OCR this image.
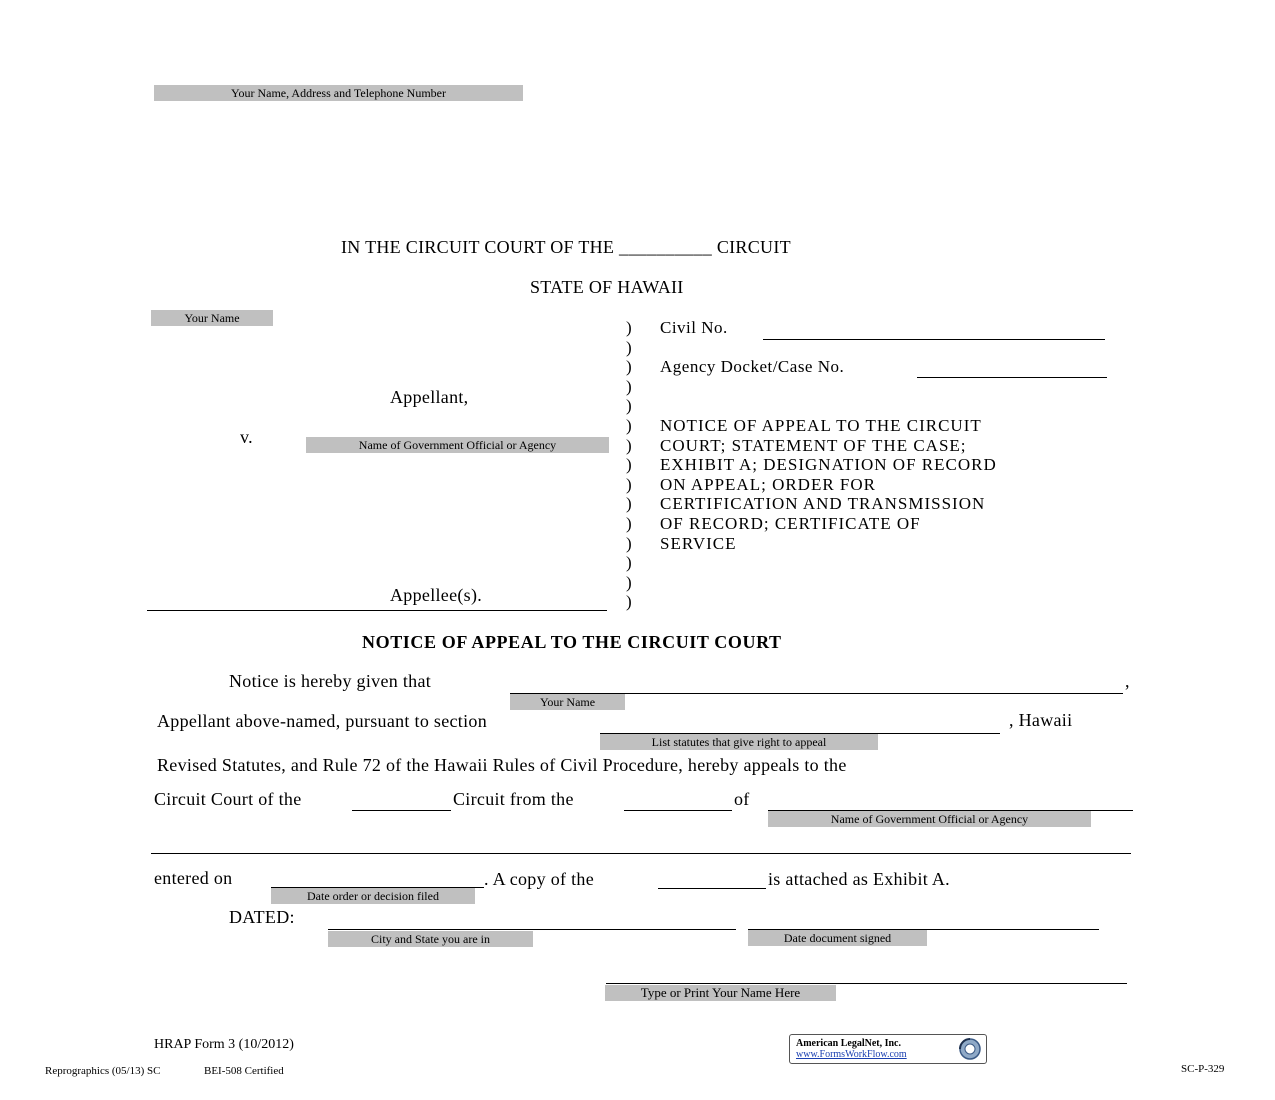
Your Name, Address and Telephone Number
IN THE CIRCUIT COURT OF THE __________ CIRCUIT
STATE OF HAWAII
Your Name
Appellant,
v.	Name of Government Official or Agency
Appellee(s).
)
)
)
)
)
)
)
)
)
)
)
)
)
)
)
Civil No.
Agency Docket/Case No.
NOTICE OF APPEAL TO THE CIRCUIT
COURT; STATEMENT OF THE CASE;
EXHIBIT A; DESIGNATION OF RECORD
ON APPEAL; ORDER FOR
CERTIFICATION AND TRANSMISSION
OF RECORD; CERTIFICATE OF
SERVICE
NOTICE OF APPEAL TO THE CIRCUIT COURT
Notice is hereby given that	,
Your Name
Appellant above-named, pursuant to section	, Hawaii
List statutes that give right to appeal
Revised Statutes, and Rule 72 of the Hawaii Rules of Civil Procedure, hereby appeals to the
Circuit Court of the	Circuit from the	of
Name of Government Official or Agency
entered on
Date order or decision filed
. A copy of the	is attached as Exhibit A.
DATED:
City and State you are in	Date document signed
Type or Print Your Name Here
HRAP Form 3 (10/2012)
Reprographics (05/13) SC	BEI-508 Certified
American LegalNet, Inc.
www.FormsWorkFlow.com
SC-P-329
